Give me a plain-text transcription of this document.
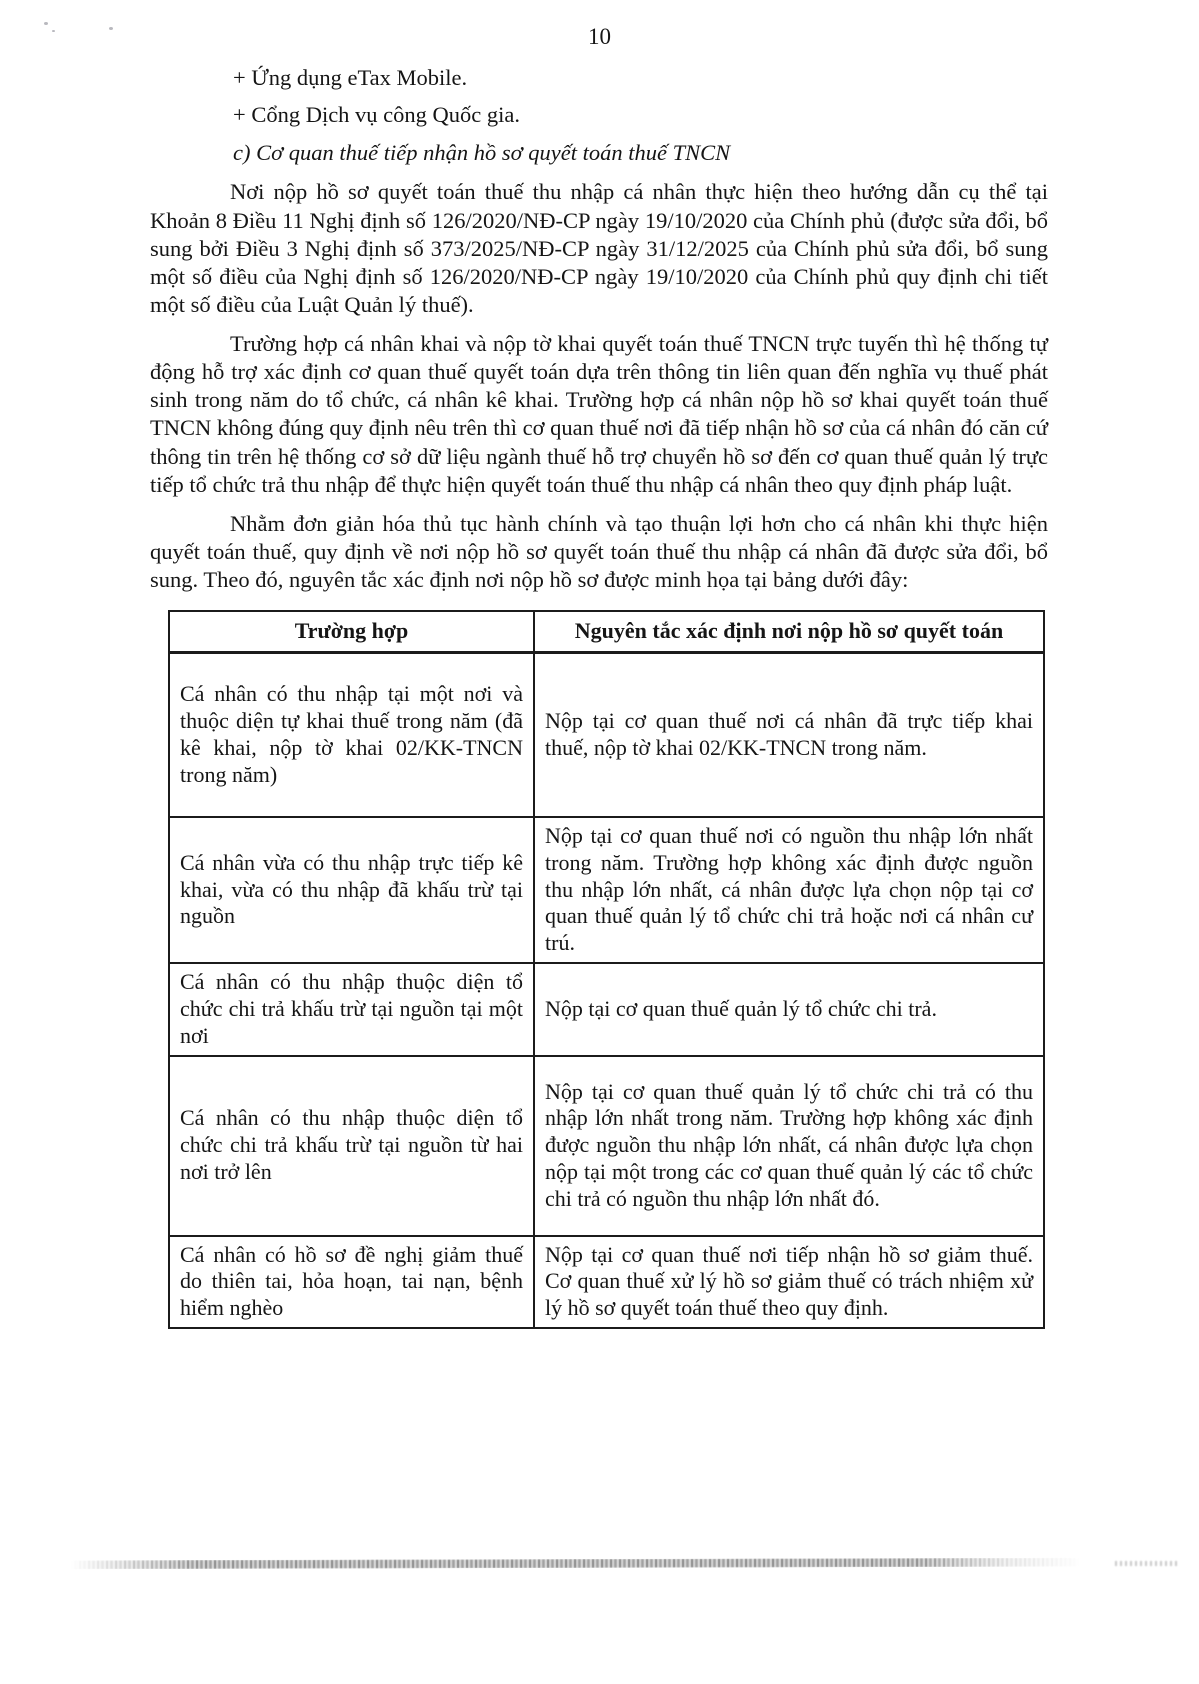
10

+ Ứng dụng eTax Mobile.

+ Cổng Dịch vụ công Quốc gia.

c) Cơ quan thuế tiếp nhận hồ sơ quyết toán thuế TNCN

Nơi nộp hồ sơ quyết toán thuế thu nhập cá nhân thực hiện theo hướng dẫn cụ thể tại Khoản 8 Điều 11 Nghị định số 126/2020/NĐ-CP ngày 19/10/2020 của Chính phủ (được sửa đổi, bổ sung bởi Điều 3 Nghị định số 373/2025/NĐ-CP ngày 31/12/2025 của Chính phủ sửa đổi, bổ sung một số điều của Nghị định số 126/2020/NĐ-CP ngày 19/10/2020 của Chính phủ quy định chi tiết một số điều của Luật Quản lý thuế).

Trường hợp cá nhân khai và nộp tờ khai quyết toán thuế TNCN trực tuyến thì hệ thống tự động hỗ trợ xác định cơ quan thuế quyết toán dựa trên thông tin liên quan đến nghĩa vụ thuế phát sinh trong năm do tổ chức, cá nhân kê khai. Trường hợp cá nhân nộp hồ sơ khai quyết toán thuế TNCN không đúng quy định nêu trên thì cơ quan thuế nơi đã tiếp nhận hồ sơ của cá nhân đó căn cứ thông tin trên hệ thống cơ sở dữ liệu ngành thuế hỗ trợ chuyển hồ sơ đến cơ quan thuế quản lý trực tiếp tổ chức trả thu nhập để thực hiện quyết toán thuế thu nhập cá nhân theo quy định pháp luật.

Nhằm đơn giản hóa thủ tục hành chính và tạo thuận lợi hơn cho cá nhân khi thực hiện quyết toán thuế, quy định về nơi nộp hồ sơ quyết toán thuế thu nhập cá nhân đã được sửa đổi, bổ sung. Theo đó, nguyên tắc xác định nơi nộp hồ sơ được minh họa tại bảng dưới đây:

Trường hợp	Nguyên tắc xác định nơi nộp hồ sơ quyết toán
Cá nhân có thu nhập tại một nơi và thuộc diện tự khai thuế trong năm (đã kê khai, nộp tờ khai 02/KK-TNCN trong năm)	Nộp tại cơ quan thuế nơi cá nhân đã trực tiếp khai thuế, nộp tờ khai 02/KK-TNCN trong năm.
Cá nhân vừa có thu nhập trực tiếp kê khai, vừa có thu nhập đã khấu trừ tại nguồn	Nộp tại cơ quan thuế nơi có nguồn thu nhập lớn nhất trong năm. Trường hợp không xác định được nguồn thu nhập lớn nhất, cá nhân được lựa chọn nộp tại cơ quan thuế quản lý tổ chức chi trả hoặc nơi cá nhân cư trú.
Cá nhân có thu nhập thuộc diện tổ chức chi trả khấu trừ tại nguồn tại một nơi	Nộp tại cơ quan thuế quản lý tổ chức chi trả.
Cá nhân có thu nhập thuộc diện tổ chức chi trả khấu trừ tại nguồn từ hai nơi trở lên	Nộp tại cơ quan thuế quản lý tổ chức chi trả có thu nhập lớn nhất trong năm. Trường hợp không xác định được nguồn thu nhập lớn nhất, cá nhân được lựa chọn nộp tại một trong các cơ quan thuế quản lý các tổ chức chi trả có nguồn thu nhập lớn nhất đó.
Cá nhân có hồ sơ đề nghị giảm thuế do thiên tai, hỏa hoạn, tai nạn, bệnh hiểm nghèo	Nộp tại cơ quan thuế nơi tiếp nhận hồ sơ giảm thuế. Cơ quan thuế xử lý hồ sơ giảm thuế có trách nhiệm xử lý hồ sơ quyết toán thuế theo quy định.
